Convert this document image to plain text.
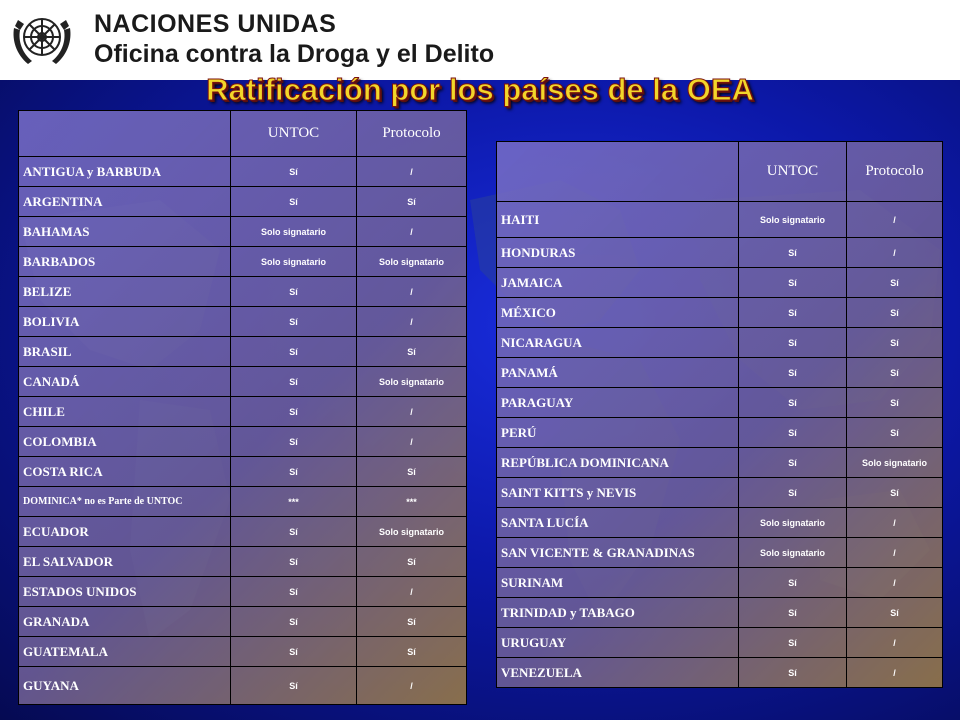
NACIONES UNIDAS
Oficina contra la Droga y el Delito
Ratificación por los países de la OEA
	UNTOC	Protocolo
ANTIGUA y BARBUDA	Sí	/
ARGENTINA	Sí	Sí
BAHAMAS	Solo signatario	/
BARBADOS	Solo signatario	Solo signatario
BELIZE	Sí	/
BOLIVIA	Sí	/
BRASIL	Sí	Sí
CANADÁ	Sí	Solo signatario
CHILE	Sí	/
COLOMBIA	Sí	/
COSTA RICA	Sí	Sí
DOMINICA* no es Parte de UNTOC	***	***
ECUADOR	Sí	Solo signatario
EL SALVADOR	Sí	Sí
ESTADOS UNIDOS	Sí	/
GRANADA	Sí	Sí
GUATEMALA	Sí	Sí
GUYANA	Sí	/
	UNTOC	Protocolo
HAITI	Solo signatario	/
HONDURAS	Sí	/
JAMAICA	Sí	Sí
MÉXICO	Sí	Sí
NICARAGUA	Sí	Sí
PANAMÁ	Sí	Sí
PARAGUAY	Sí	Sí
PERÚ	Sí	Sí
REPÚBLICA DOMINICANA	Sí	Solo signatario
SAINT KITTS y NEVIS	Sí	Sí
SANTA LUCÍA	Solo signatario	/
SAN VICENTE & GRANADINAS	Solo signatario	/
SURINAM	Sí	/
TRINIDAD y TABAGO	Sí	Sí
URUGUAY	Sí	/
VENEZUELA	Sí	/
